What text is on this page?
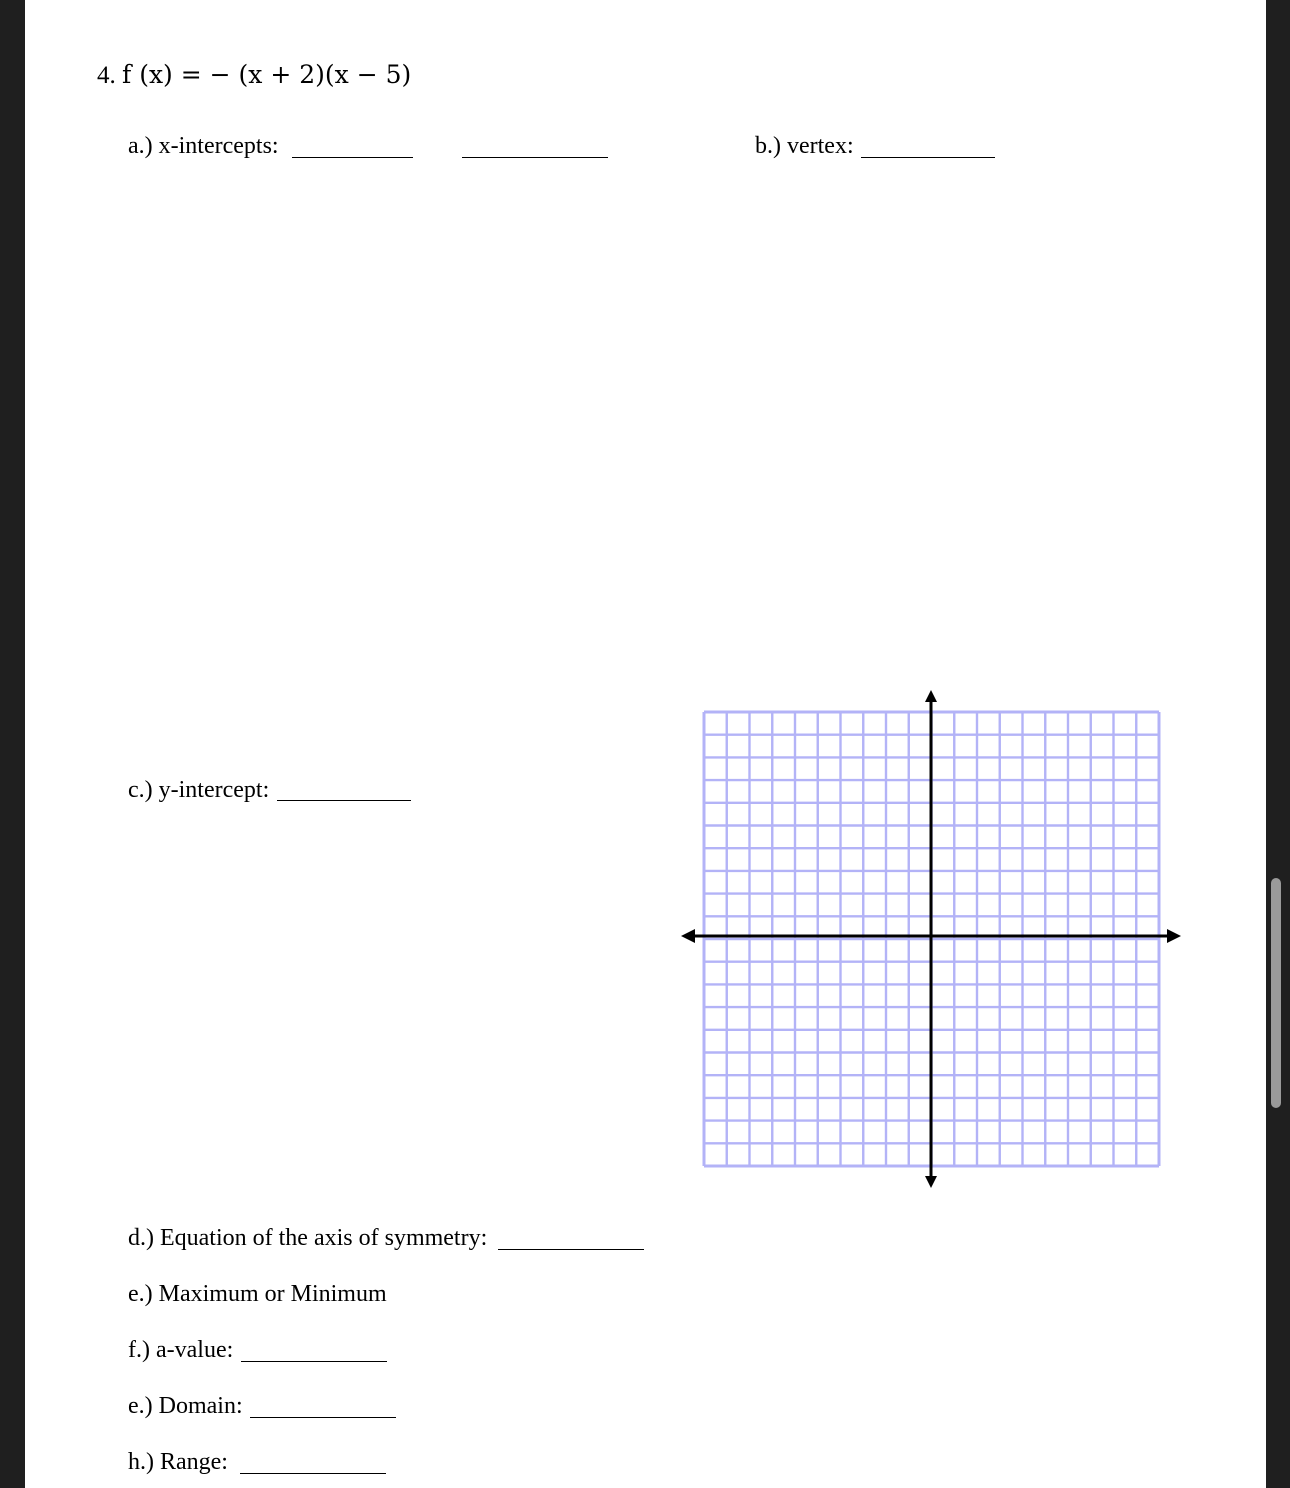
4. f (x) = − (x + 2)(x − 5)
a.) x-intercepts:	b.) vertex:
c.) y-intercept:
d.) Equation of the axis of symmetry:
e.) Maximum or Minimum
f.) a-value:
e.) Domain:
h.) Range:
